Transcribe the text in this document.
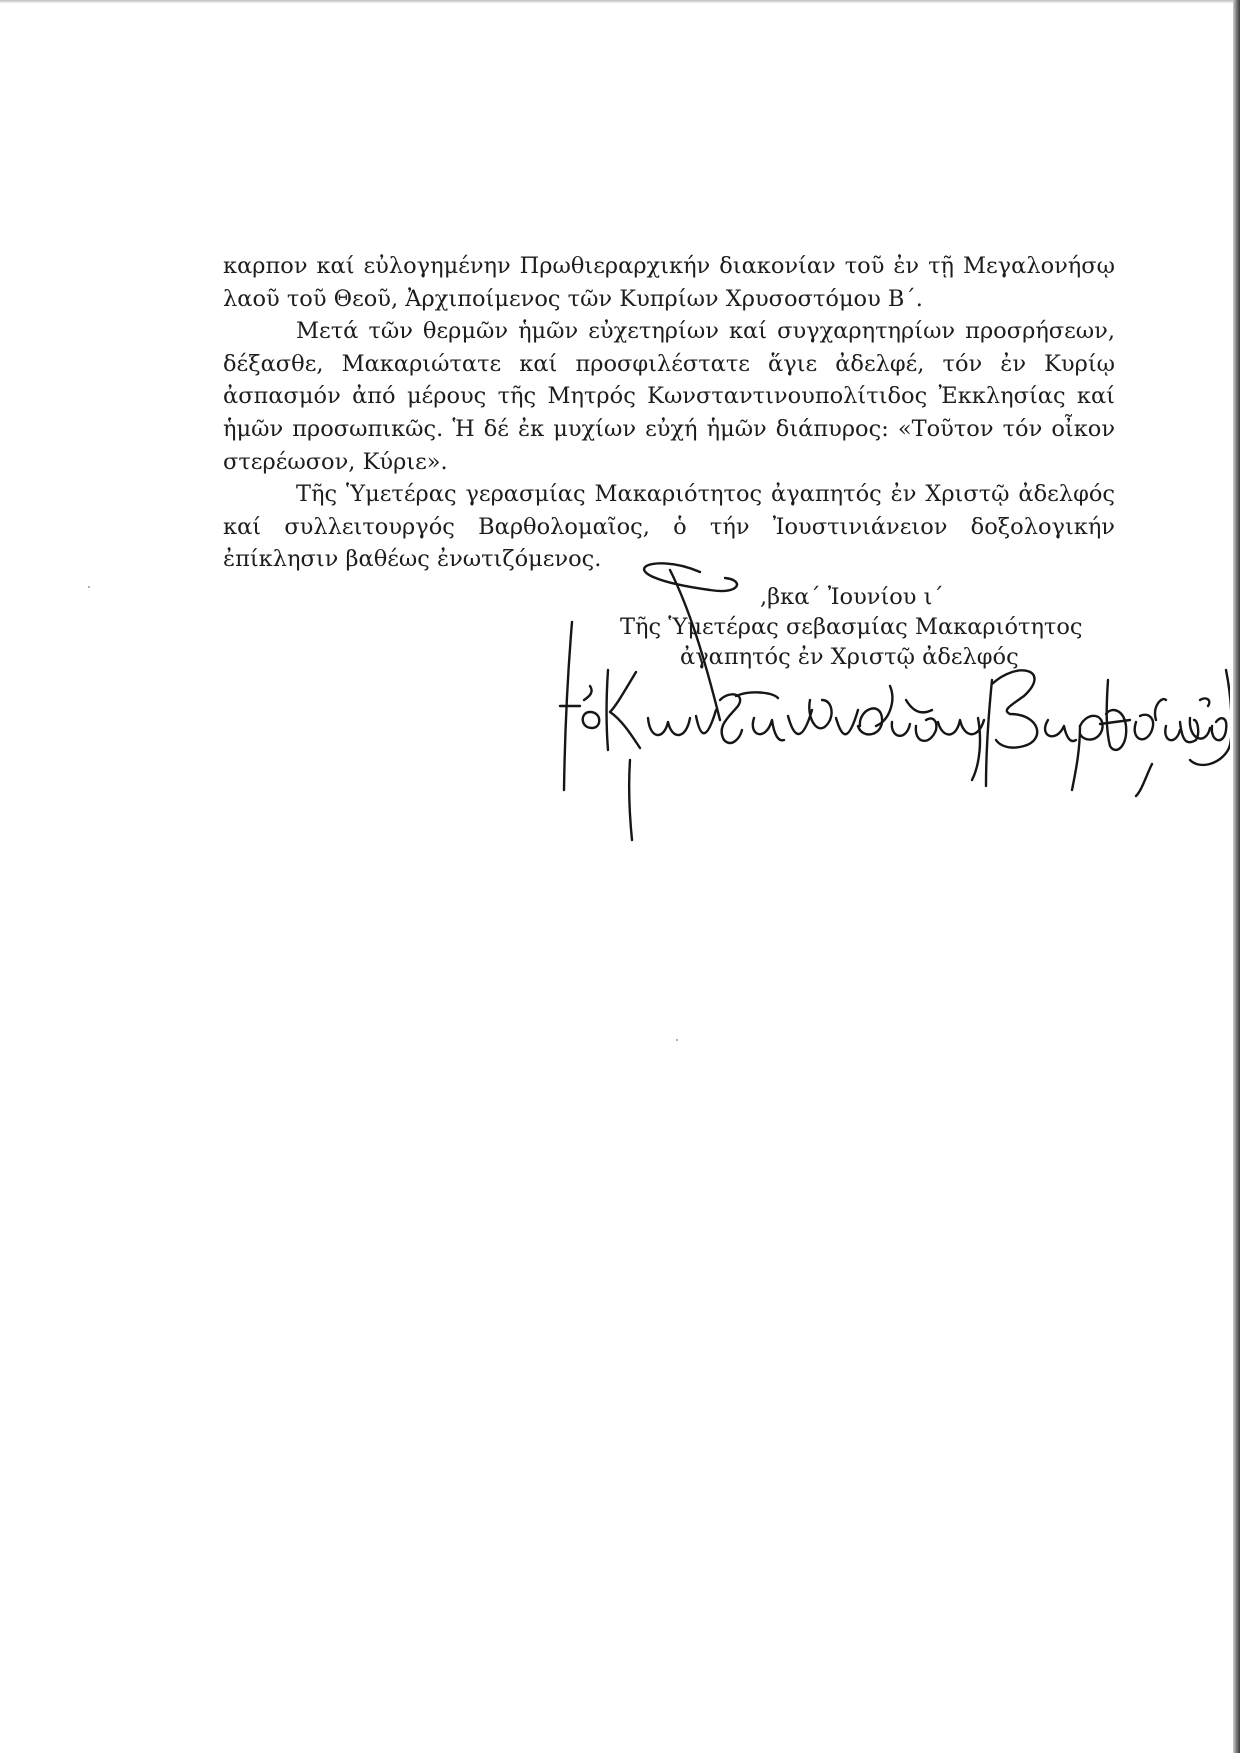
καρπον καί εὐλογημένην Πρωθιεραρχικήν διακονίαν τοῦ ἐν τῇ Μεγαλονήσῳ λαοῦ τοῦ Θεοῦ, Ἀρχιποίμενος τῶν Κυπρίων Χρυσοστόμου Β΄.

Μετά τῶν θερμῶν ἡμῶν εὐχετηρίων καί συγχαρητηρίων προσρήσεων, δέξασθε, Μακαριώτατε καί προσφιλέστατε ἅγιε ἀδελφέ, τόν ἐν Κυρίῳ ἀσπασμόν ἀπό μέρους τῆς Μητρός Κωνσταντινουπολίτιδος Ἐκκλησίας καί ἡμῶν προσωπικῶς. Ἡ δέ ἐκ μυχίων εὐχή ἡμῶν διάπυρος: «Τοῦτον τόν οἶκον στερέωσον, Κύριε».

Τῆς Ὑμετέρας γερασμίας Μακαριότητος ἀγαπητός ἐν Χριστῷ ἀδελφός καί συλλειτουργός Βαρθολομαῖος, ὁ τήν Ἰουστινιάνειον δοξολογικήν ἐπίκλησιν βαθέως ἐνωτιζόμενος.

,βκα΄ Ἰουνίου ι΄
Τῆς Ὑμετέρας σεβασμίας Μακαριότητος
ἀγαπητός ἐν Χριστῷ ἀδελφός
